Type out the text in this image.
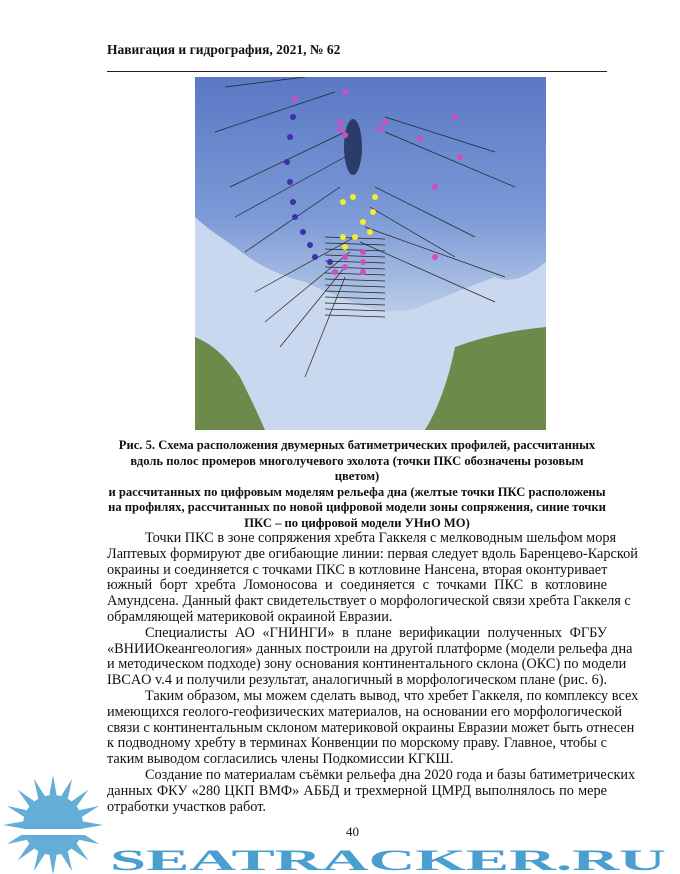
Навигация и гидрография, 2021, № 62
Рис. 5. Схема расположения двумерных батиметрических профилей, рассчитанных
вдоль полос промеров многолучевого эхолота (точки ПКС обозначены розовым цветом)
и рассчитанных по цифровым моделям рельефа дна (желтые точки ПКС расположены
на профилях, рассчитанных по новой цифровой модели зоны сопряжения, синие точки
ПКС – по цифровой модели УНиО МО)
Точки ПКС в зоне сопряжения хребта Гаккеля с мелководным шельфом моря
Лаптевых формируют две огибающие линии: первая следует вдоль Баренцево-Карской
окраины и соединяется с точками ПКС в котловине Нансена, вторая оконтуривает
южный борт хребта Ломоносова и соединяется с точками ПКС в котловине
Амундсена. Данный факт свидетельствует о морфологической связи хребта Гаккеля с
обрамляющей материковой окраиной Евразии.
Специалисты АО «ГНИНГИ» в плане верификации полученных ФГБУ
«ВНИИОкеангеология» данных построили на другой платформе (модели рельефа дна
и методическом подходе) зону основания континентального склона (ОКС) по модели
IBCAO v.4 и получили результат, аналогичный в морфологическом плане (рис. 6).
Таким образом, мы можем сделать вывод, что хребет Гаккеля, по комплексу всех
имеющихся геолого-геофизических материалов, на основании его морфологической
связи с континентальным склоном материковой окраины Евразии может быть отнесен
к подводному хребту в терминах Конвенции по морскому праву. Главное, чтобы с
таким выводом согласились члены Подкомиссии КГКШ.
Создание по материалам съёмки рельефа дна 2020 года и базы батиметрических
данных ФКУ «280 ЦКП ВМФ» АББД и трехмерной ЦМРД выполнялось по мере
отработки участков работ.
40
SEATRACKER.RU
